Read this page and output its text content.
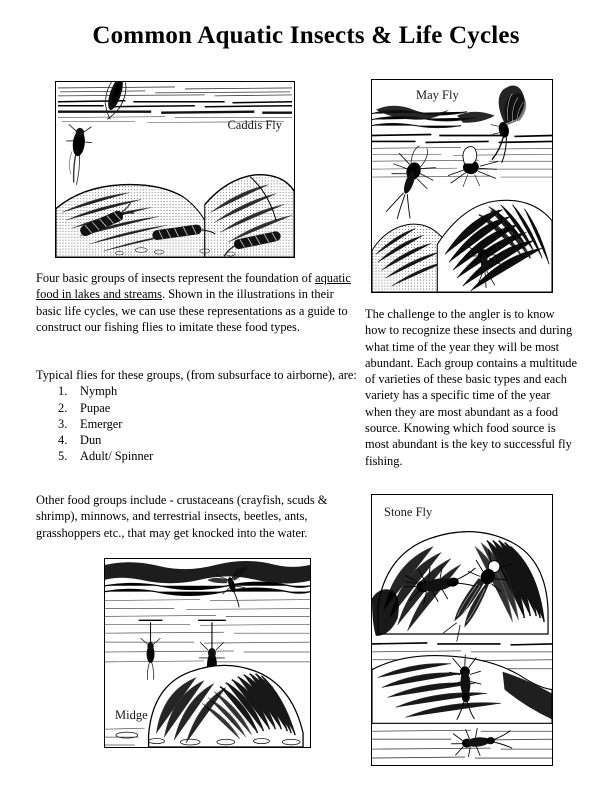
Common Aquatic Insects & Life Cycles
Caddis Fly
May Fly
Midge
Stone Fly

Four basic groups of insects represent the foundation of aquatic food in lakes and streams. Shown in the illustrations in their basic life cycles, we can use these representations as a guide to construct our fishing flies to imitate these food types.

Typical flies for these groups, (from subsurface to airborne), are:

Nymph
Pupae
Emerger
Dun
Adult/ Spinner

Other food groups include - crustaceans (crayfish, scuds & shrimp), minnows, and terrestrial insects, beetles, ants, grasshoppers etc., that may get knocked into the water.

The challenge to the angler is to know how to recognize these insects and during what time of the year they will be most abundant. Each group contains a multitude of varieties of these basic types and each variety has a specific time of the year when they are most abundant as a food source. Knowing which food source is most abundant is the key to successful fly fishing.
